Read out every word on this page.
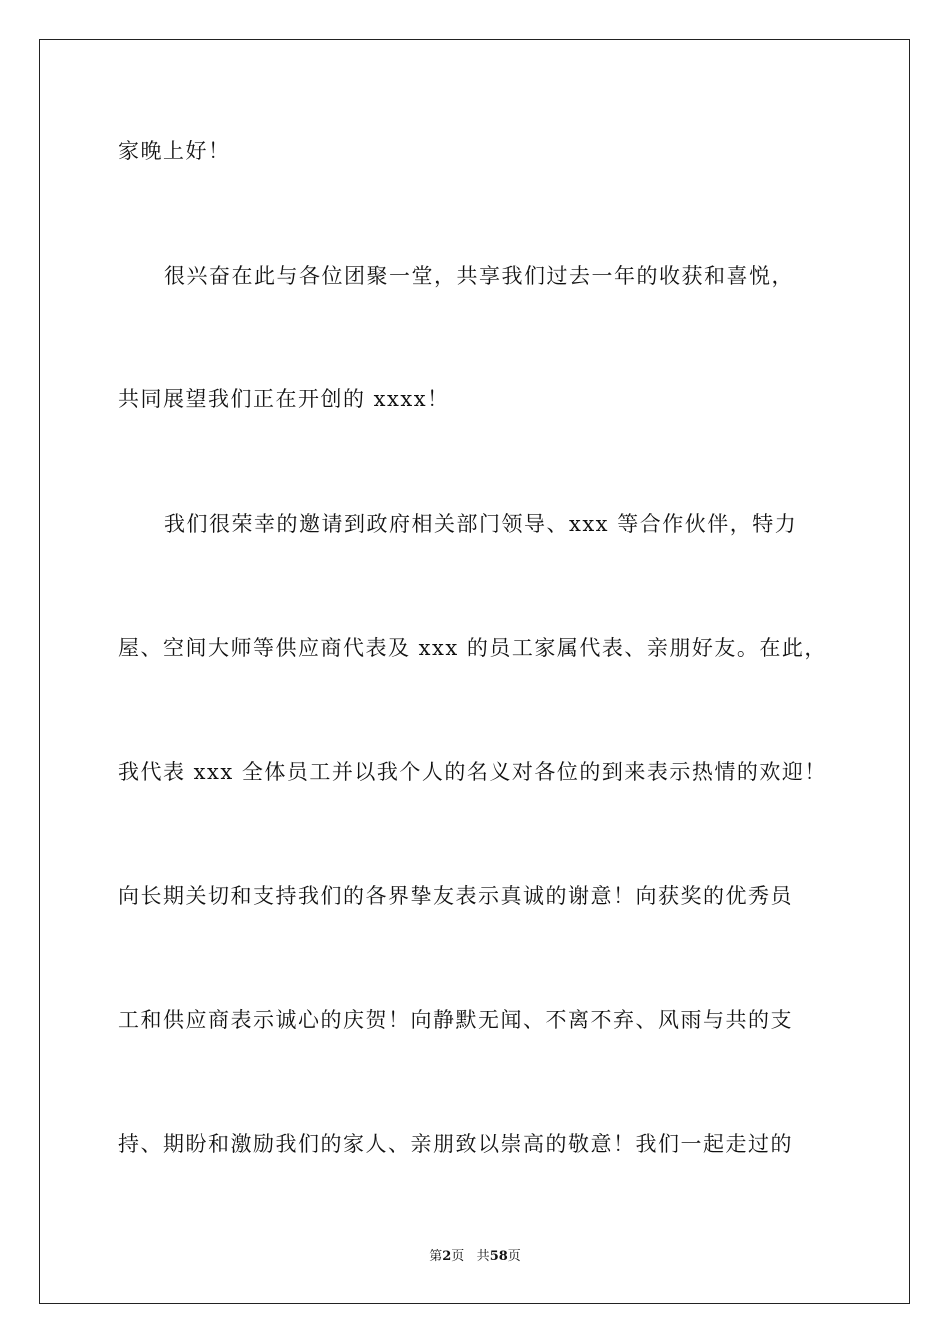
家晚上好！
很兴奋在此与各位团聚一堂，共享我们过去一年的收获和喜悦，
共同展望我们正在开创的 xxxx！
我们很荣幸的邀请到政府相关部门领导、xxx 等合作伙伴，特力
屋、空间大师等供应商代表及 xxx 的员工家属代表、亲朋好友。在此，
我代表 xxx 全体员工并以我个人的名义对各位的到来表示热情的欢迎！
向长期关切和支持我们的各界挚友表示真诚的谢意！向获奖的优秀员
工和供应商表示诚心的庆贺！向静默无闻、不离不弃、风雨与共的支
持、期盼和激励我们的家人、亲朋致以崇高的敬意！我们一起走过的
第2页 共58页
